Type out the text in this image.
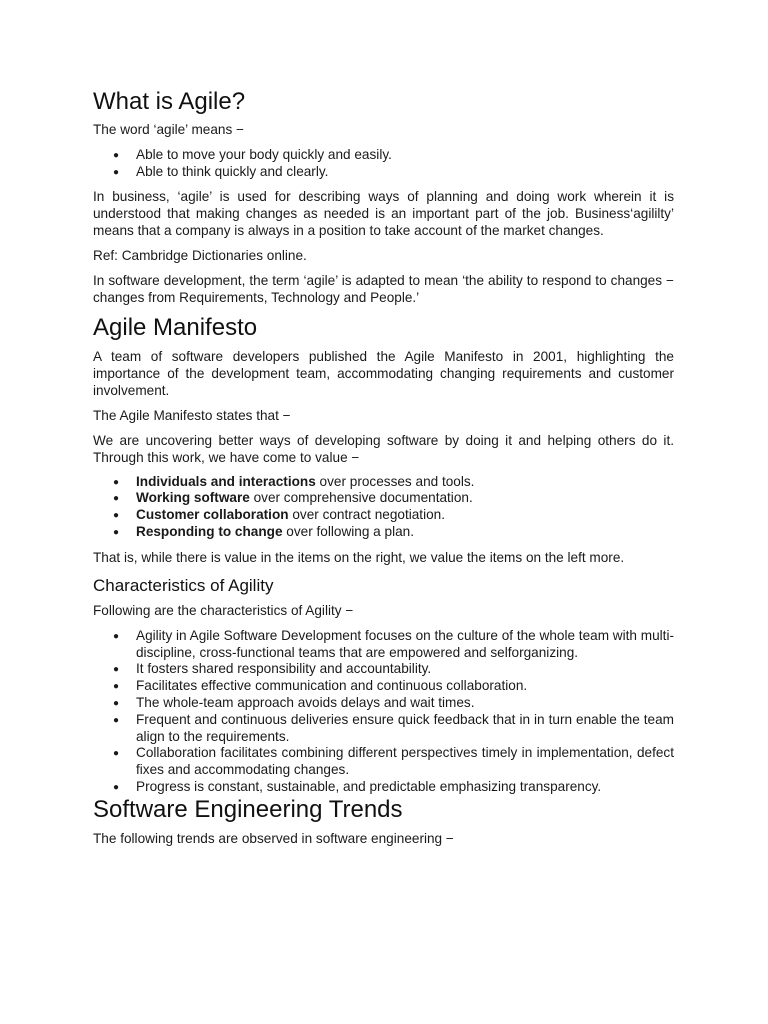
What is Agile?

The word ‘agile’ means −

● Able to move your body quickly and easily.
● Able to think quickly and clearly.

In business, ‘agile’ is used for describing ways of planning and doing work wherein it is understood that making changes as needed is an important part of the job. Business‘agililty’ means that a company is always in a position to take account of the market changes.

Ref: Cambridge Dictionaries online.

In software development, the term ‘agile’ is adapted to mean ‘the ability to respond to changes − changes from Requirements, Technology and People.’

Agile Manifesto

A team of software developers published the Agile Manifesto in 2001, highlighting the importance of the development team, accommodating changing requirements and customer involvement.

The Agile Manifesto states that −

We are uncovering better ways of developing software by doing it and helping others do it. Through this work, we have come to value −

● Individuals and interactions over processes and tools.
● Working software over comprehensive documentation.
● Customer collaboration over contract negotiation.
● Responding to change over following a plan.

That is, while there is value in the items on the right, we value the items on the left more.

Characteristics of Agility

Following are the characteristics of Agility −

● Agility in Agile Software Development focuses on the culture of the whole team with multi-discipline, cross-functional teams that are empowered and selforganizing.
● It fosters shared responsibility and accountability.
● Facilitates effective communication and continuous collaboration.
● The whole-team approach avoids delays and wait times.
● Frequent and continuous deliveries ensure quick feedback that in in turn enable the team align to the requirements.
● Collaboration facilitates combining different perspectives timely in implementation, defect fixes and accommodating changes.
● Progress is constant, sustainable, and predictable emphasizing transparency.
Software Engineering Trends

The following trends are observed in software engineering −
